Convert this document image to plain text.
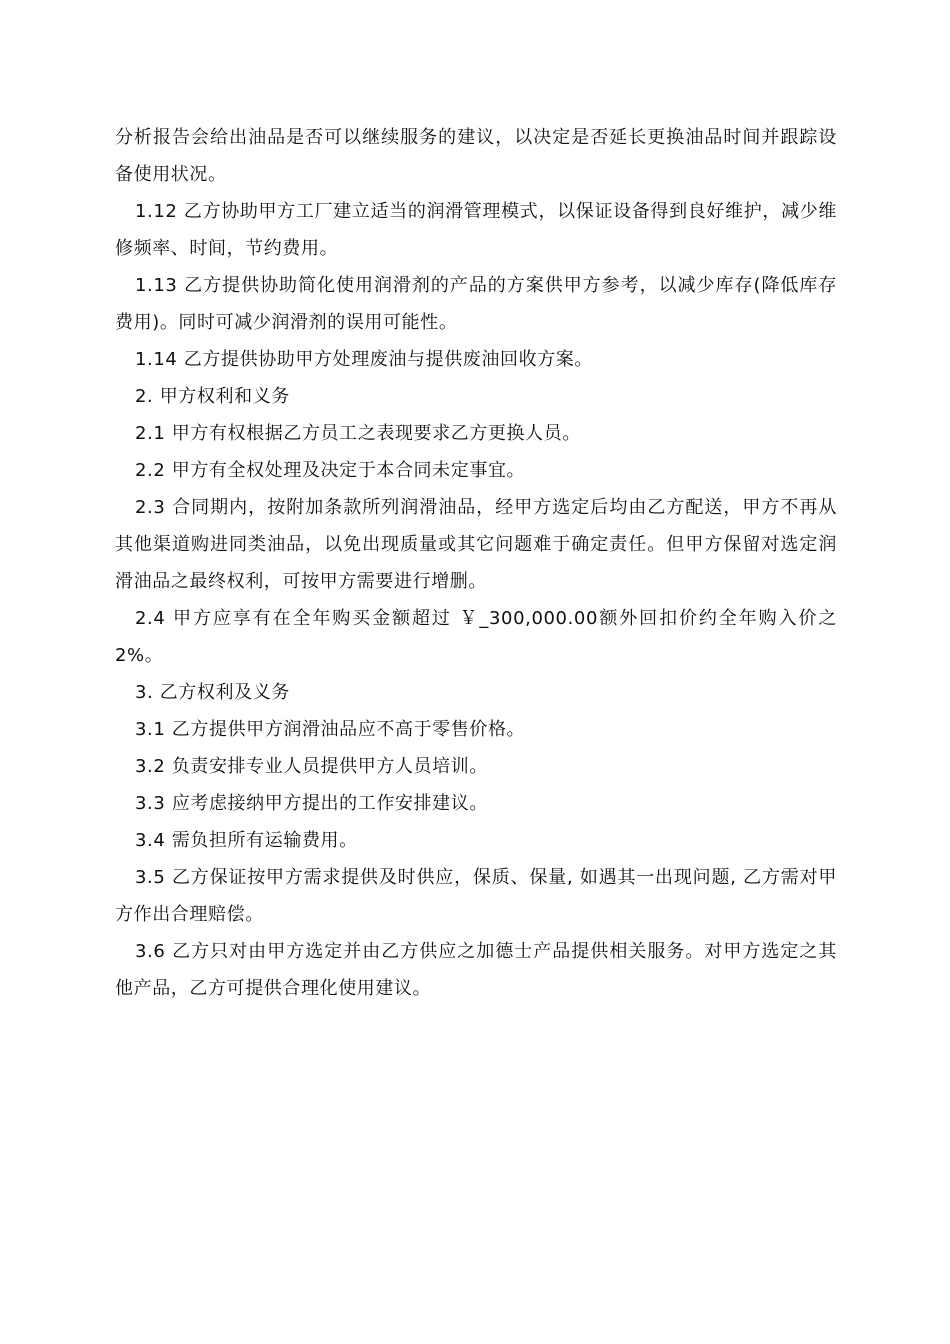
分析报告会给出油品是否可以继续服务的建议，以决定是否延长更换油品时间并跟踪设备使用状况。

1.12 乙方协助甲方工厂建立适当的润滑管理模式，以保证设备得到良好维护，减少维修频率、时间，节约费用。

1.13 乙方提供协助简化使用润滑剂的产品的方案供甲方参考，以减少库存(降低库存费用)。同时可减少润滑剂的误用可能性。

1.14 乙方提供协助甲方处理废油与提供废油回收方案。

2. 甲方权利和义务

2.1 甲方有权根据乙方员工之表现要求乙方更换人员。

2.2 甲方有全权处理及决定于本合同未定事宜。

2.3 合同期内，按附加条款所列润滑油品，经甲方选定后均由乙方配送，甲方不再从其他渠道购进同类油品，以免出现质量或其它问题难于确定责任。但甲方保留对选定润滑油品之最终权利，可按甲方需要进行增删。

2.4 甲方应享有在全年购买金额超过 ￥_300,000.00额外回扣价约全年购入价之 2%。

3. 乙方权利及义务

3.1 乙方提供甲方润滑油品应不高于零售价格。

3.2 负责安排专业人员提供甲方人员培训。

3.3 应考虑接纳甲方提出的工作安排建议。

3.4 需负担所有运输费用。

3.5 乙方保证按甲方需求提供及时供应，保质、保量, 如遇其一出现问题, 乙方需对甲方作出合理赔偿。

3.6 乙方只对由甲方选定并由乙方供应之加德士产品提供相关服务。对甲方选定之其他产品，乙方可提供合理化使用建议。
